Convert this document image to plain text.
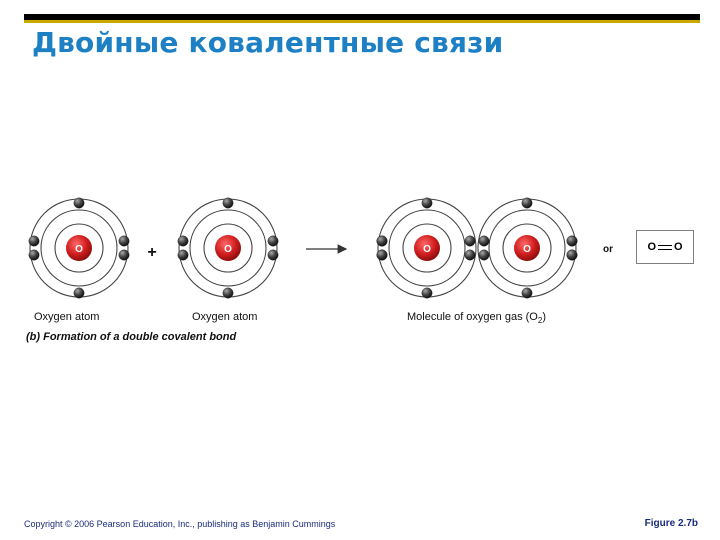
Двойные ковалентные связи
O	O	O	O
+	or
Oxygen atom	Oxygen atom	Molecule of oxygen gas $(O_2)$
(b) Formation of a double covalent bond
O O
Copyright © 2006 Pearson Education, Inc., publishing as Benjamin Cummings	Figure 2.7b
